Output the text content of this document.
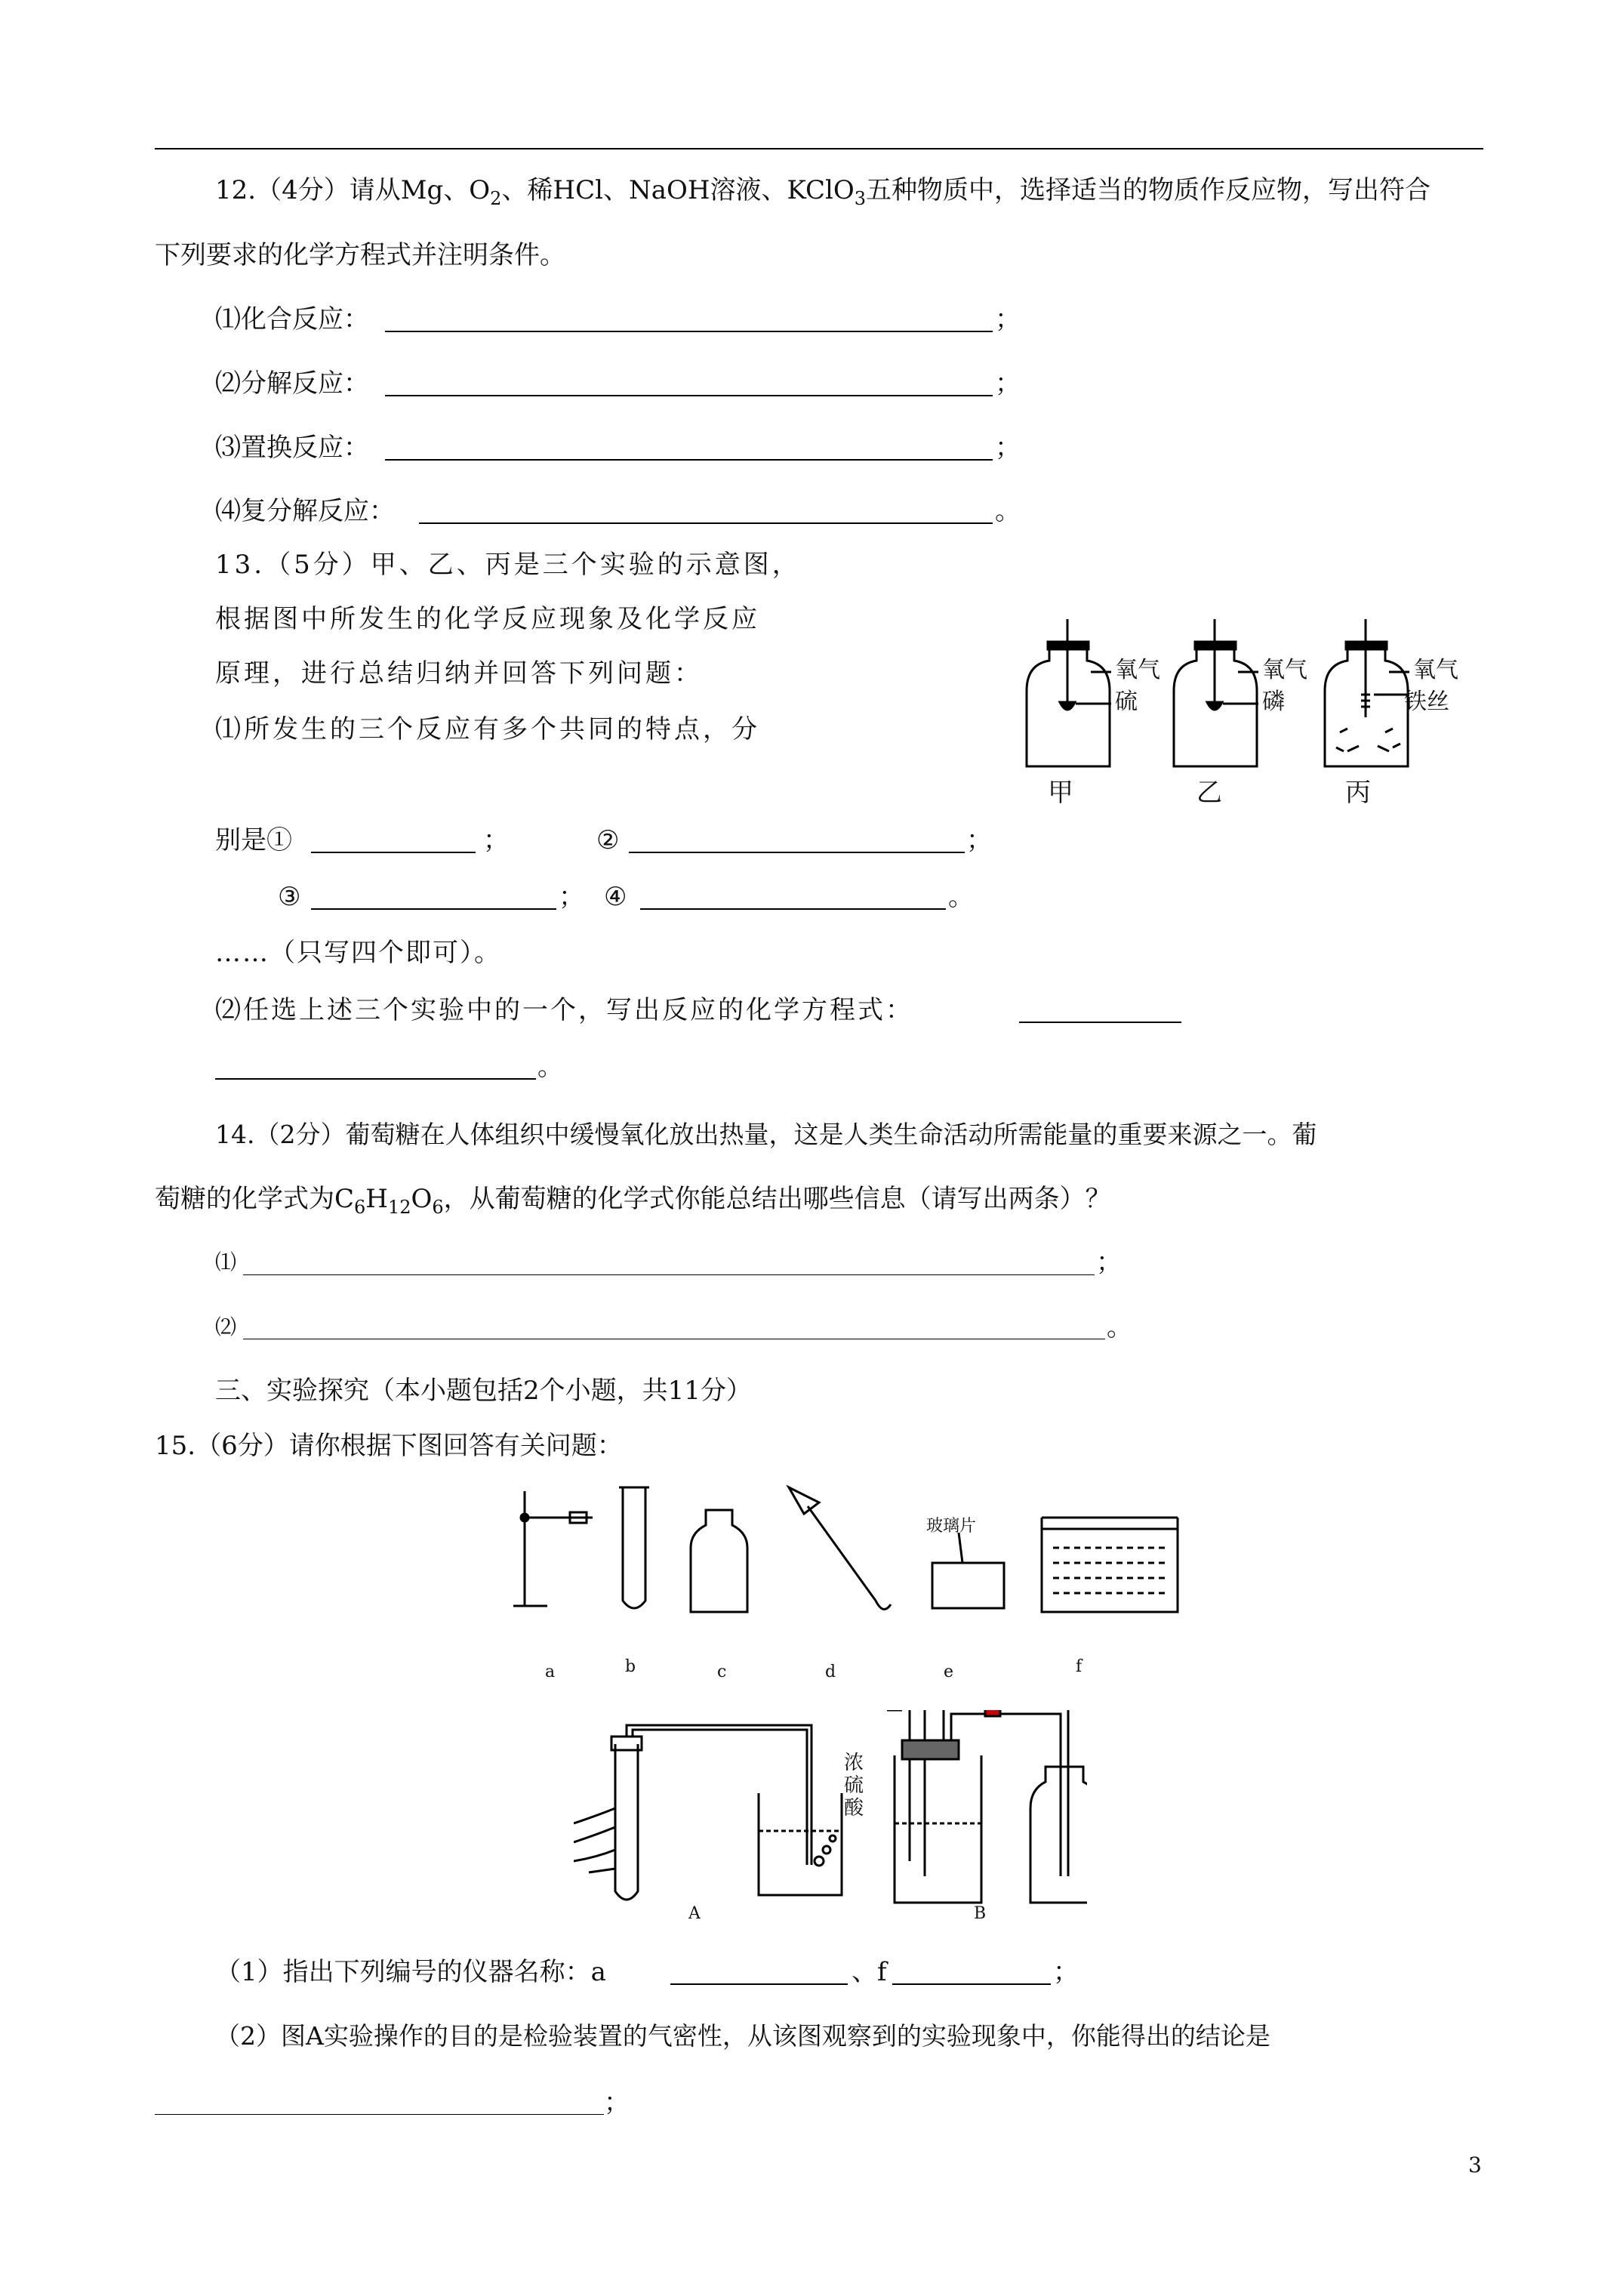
12.（4分）请从Mg、$O_2$、稀HCl、NaOH溶液、KClO$_3$五种物质中，选择适当的物质作反应物，写出符合
下列要求的化学方程式并注明条件。
⑴化合反应：	；
⑵分解反应：	；
⑶置换反应：	；
⑷复分解反应：	。
13.（5分）甲、乙、丙是三个实验的示意图，
根据图中所发生的化学反应现象及化学反应
原理，进行总结归纳并回答下列问题：
⑴所发生的三个反应有多个共同的特点，分
氧气
硫
甲
氧气
磷
乙
氧气
铁丝
丙
别是①	；	②	；
③	； ④	。
……（只写四个即可）。
⑵任选上述三个实验中的一个，写出反应的化学方程式：
。
14.（2分）葡萄糖在人体组织中缓慢氧化放出热量，这是人类生命活动所需能量的重要来源之一。葡
萄糖的化学式为$C_6H_{12}O_6$，从葡萄糖的化学式你能总结出哪些信息（请写出两条）？
⑴	；
⑵	。
三、实验探究（本小题包括2个小题，共11分）
15.（6分）请你根据下图回答有关问题：
玻璃片
a	b	c	d	e	f
浓
硫
酸
A	B
（1）指出下列编号的仪器名称：a	、f	；
（2）图A实验操作的目的是检验装置的气密性，从该图观察到的实验现象中，你能得出的结论是
；
3
